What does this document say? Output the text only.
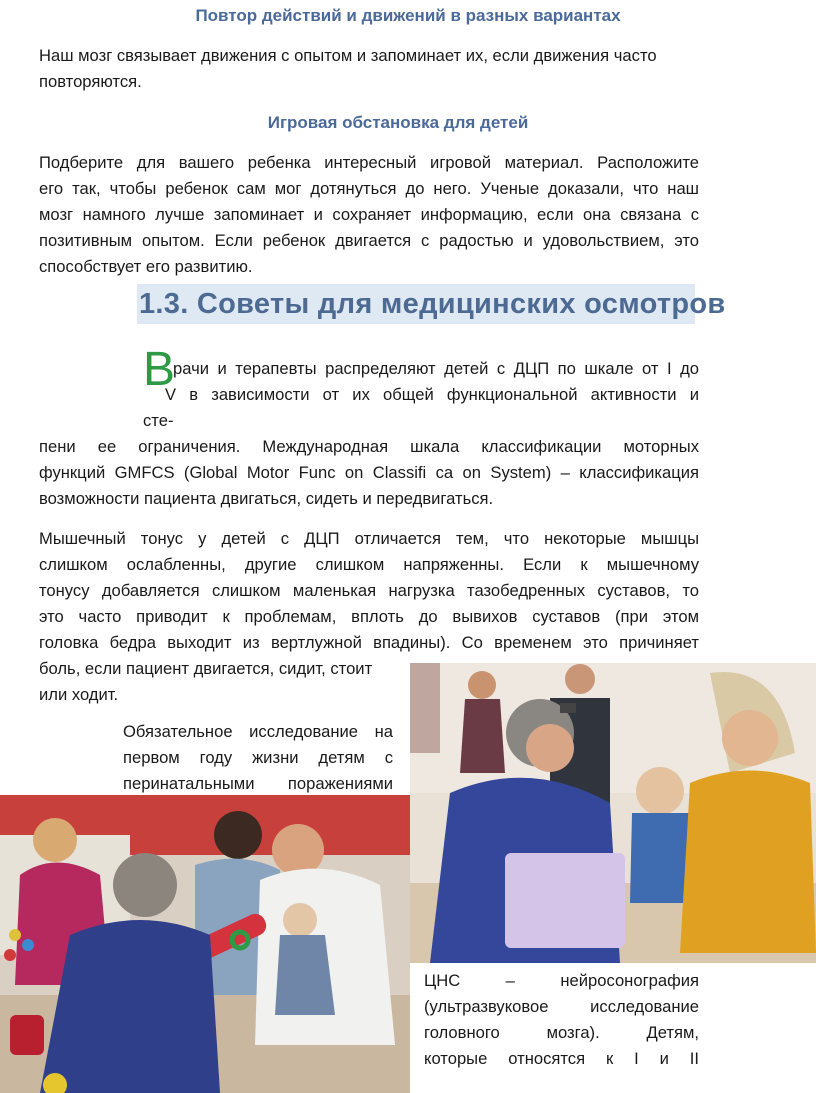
Повтор действий и движений в разных вариантах
Наш мозг связывает движения с опытом и запоминает их, если движения часто
повторяются.
Игровая обстановка для детей
Подберите для вашего ребенка интересный игровой материал. Расположите
его так, чтобы ребенок сам мог дотянуться до него. Ученые доказали, что наш
мозг намного лучше запоминает и сохраняет информацию, если она связана с
позитивным опытом. Если ребенок двигается с радостью и удовольствием, это
способствует его развитию.
1.3. Советы для медицинских осмотров
В
рачи и терапевты распределяют детей с ДЦП по шкале от I до
V в зависимости от их общей функциональной активности и
сте-
пени ее ограничения. Международная шкала классификации моторных
функций GMFCS (Global Motor Func on Classifi ca on System) – классификация
возможности пациента двигаться, сидеть и передвигаться.
Мышечный тонус у детей с ДЦП отличается тем, что некоторые мышцы
слишком ослабленны, другие слишком напряженны. Если к мышечному
тонусу добавляется слишком маленькая нагрузка тазобедренных суставов, то
это часто приводит к проблемам, вплоть до вывихов суставов (при этом
головка бедра выходит из вертлужной впадины). Со временем это причиняет
боль, если пациент двигается, сидит, стоит
или ходит.
Обязательное исследование на
первом году жизни детям с
перинатальными поражениями
ЦНС – нейросонография
(ультразвуковое исследование
головного мозга). Детям,
которые относятся к I и II
